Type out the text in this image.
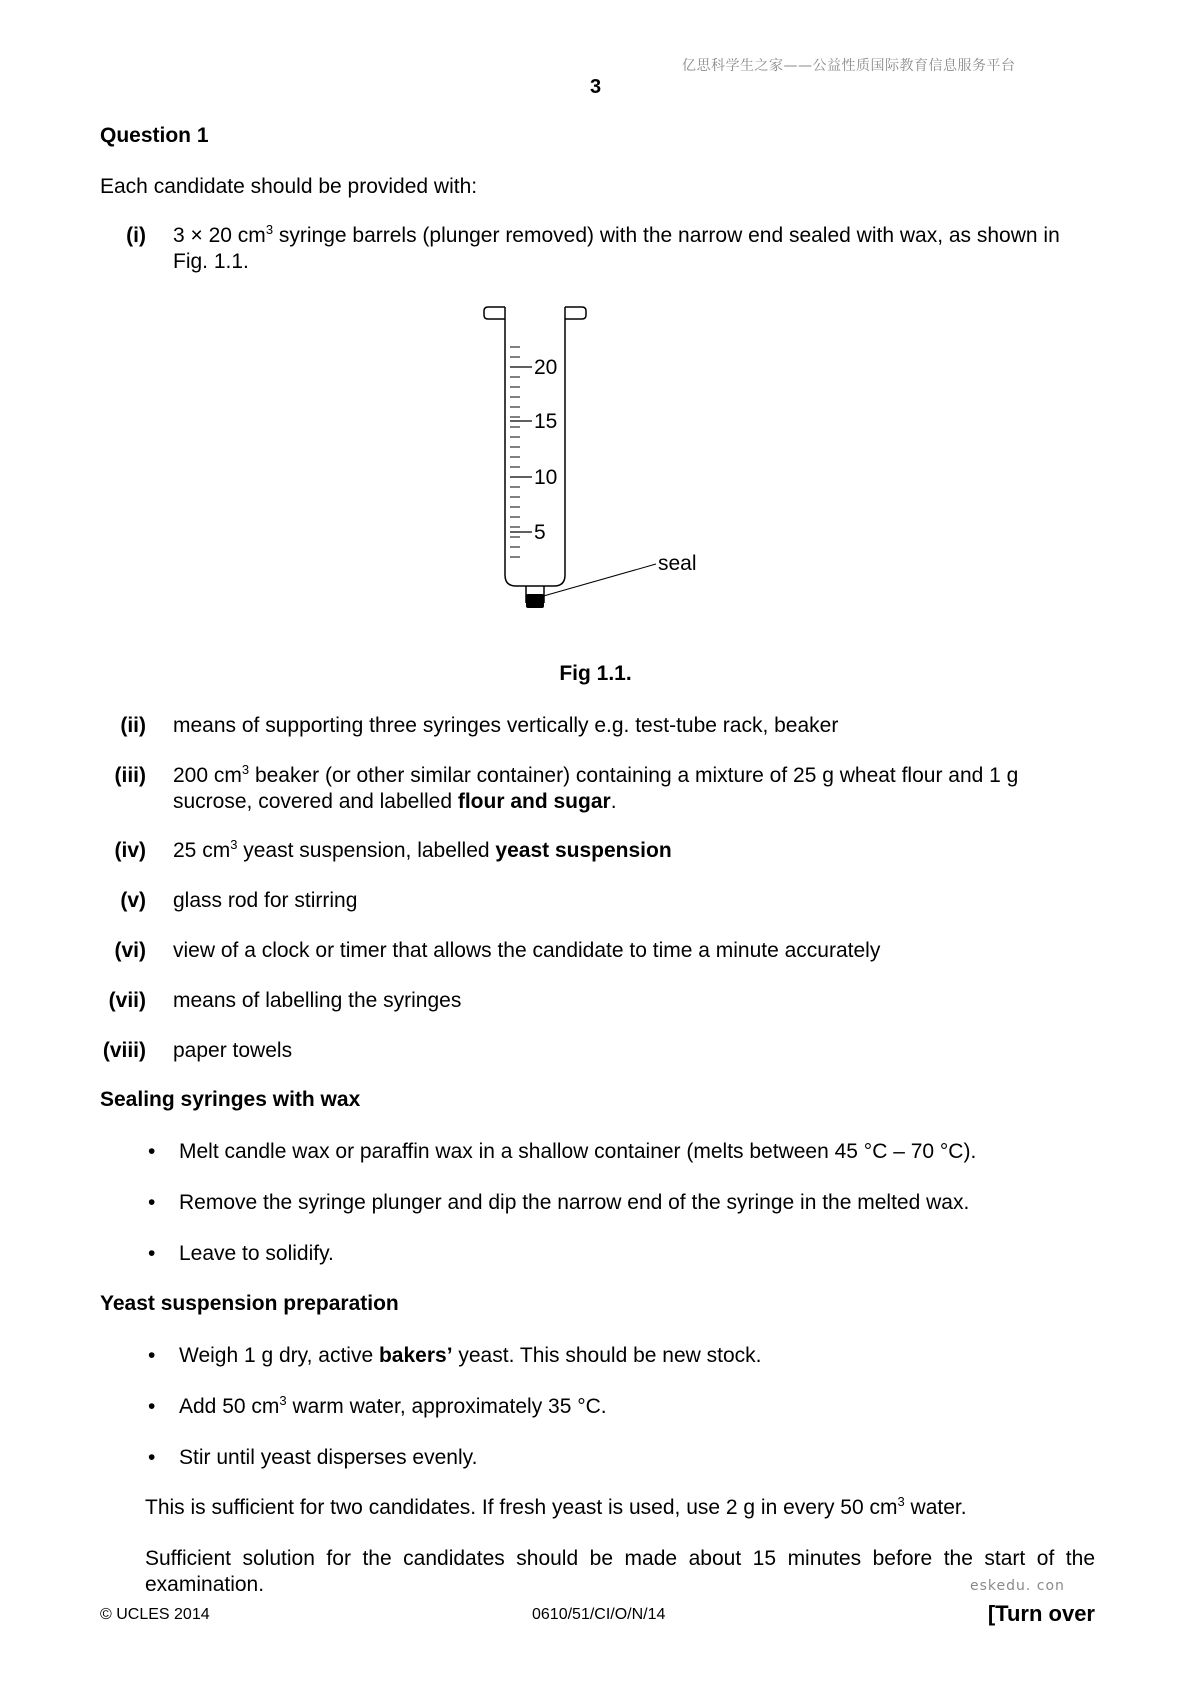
亿思科学生之家——公益性质国际教育信息服务平台
3
Question 1
Each candidate should be provided with:
(i) 3 × 20 $cm^3$ syringe barrels (plunger removed) with the narrow end sealed with wax, as shown in Fig. 1.1.
20
15
10
5
seal
Fig 1.1.
(ii) means of supporting three syringes vertically e.g. test-tube rack, beaker
(iii) 200 $cm^3$ beaker (or other similar container) containing a mixture of 25 g wheat flour and 1 g sucrose, covered and labelled flour and sugar.
(iv) 25 $cm^3$ yeast suspension, labelled yeast suspension
(v) glass rod for stirring
(vi) view of a clock or timer that allows the candidate to time a minute accurately
(vii) means of labelling the syringes
(viii) paper towels
Sealing syringes with wax
• Melt candle wax or paraffin wax in a shallow container (melts between 45 °C – 70 °C).
• Remove the syringe plunger and dip the narrow end of the syringe in the melted wax.
• Leave to solidify.
Yeast suspension preparation
• Weigh 1 g dry, active bakers’ yeast. This should be new stock.
• Add 50 $cm^3$ warm water, approximately 35 °C.
• Stir until yeast disperses evenly.
This is sufficient for two candidates. If fresh yeast is used, use 2 g in every 50 $cm^3$ water.
Sufficient solution for the candidates should be made about 15 minutes before the start of the examination.	eskedu. con
© UCLES 2014	0610/51/CI/O/N/14	[Turn over
